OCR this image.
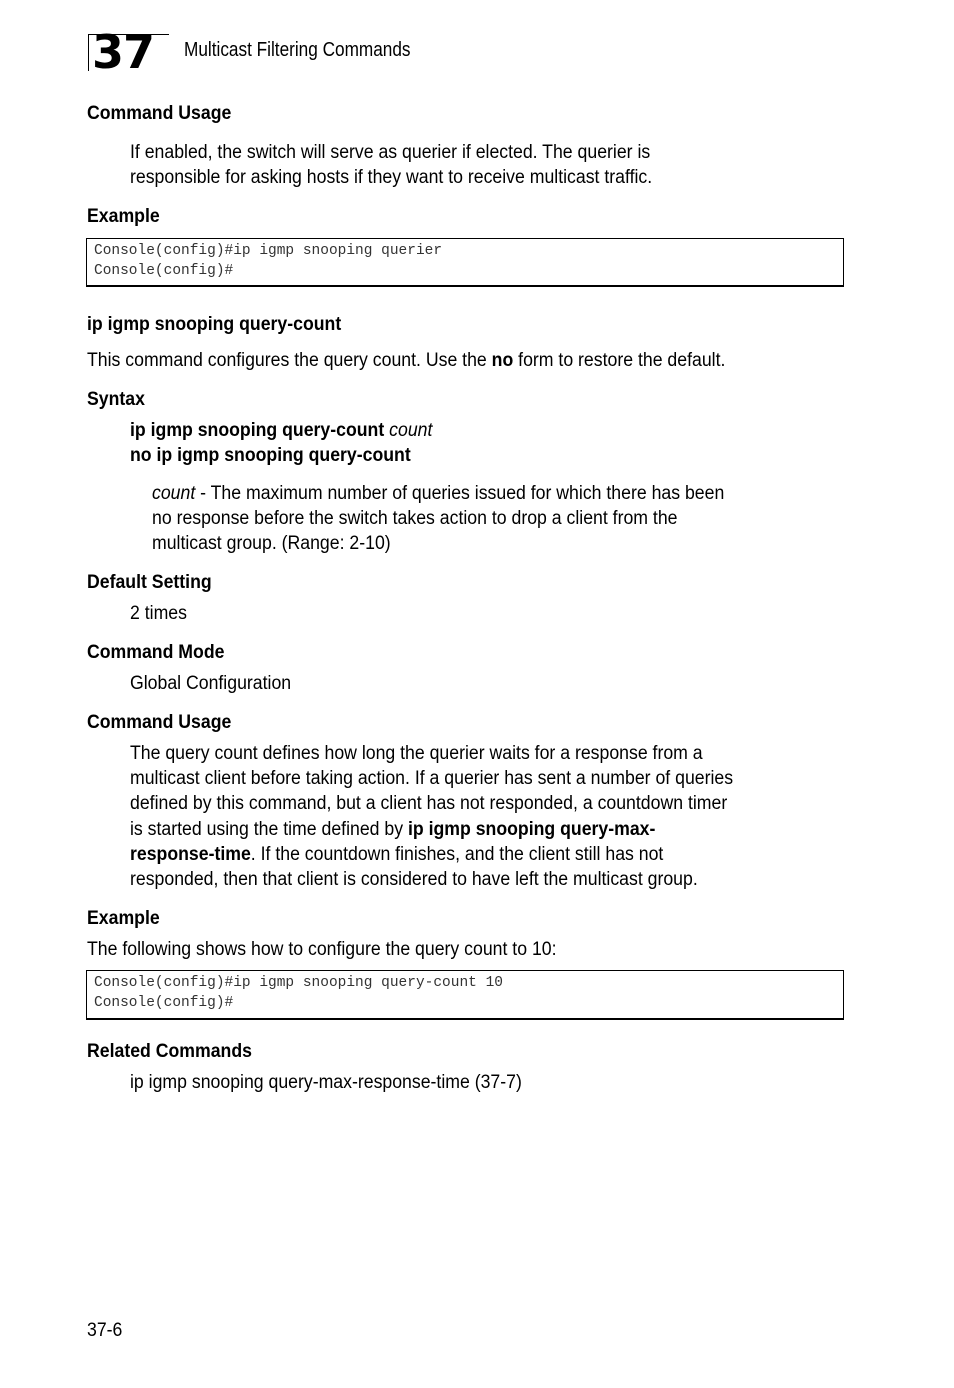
37 Multicast Filtering Commands
Command Usage
If enabled, the switch will serve as querier if elected. The querier is
responsible for asking hosts if they want to receive multicast traffic.
Example
Console(config)#ip igmp snooping querier
Console(config)#
ip igmp snooping query-count
This command configures the query count. Use the no form to restore the default.
Syntax
ip igmp snooping query-count count
no ip igmp snooping query-count
count - The maximum number of queries issued for which there has been
no response before the switch takes action to drop a client from the
multicast group. (Range: 2-10)
Default Setting
2 times
Command Mode
Global Configuration
Command Usage
The query count defines how long the querier waits for a response from a
multicast client before taking action. If a querier has sent a number of queries
defined by this command, but a client has not responded, a countdown timer
is started using the time defined by ip igmp snooping query-max-
response-time. If the countdown finishes, and the client still has not
responded, then that client is considered to have left the multicast group.
Example
The following shows how to configure the query count to 10:
Console(config)#ip igmp snooping query-count 10
Console(config)#
Related Commands
ip igmp snooping query-max-response-time (37-7)
37-6
